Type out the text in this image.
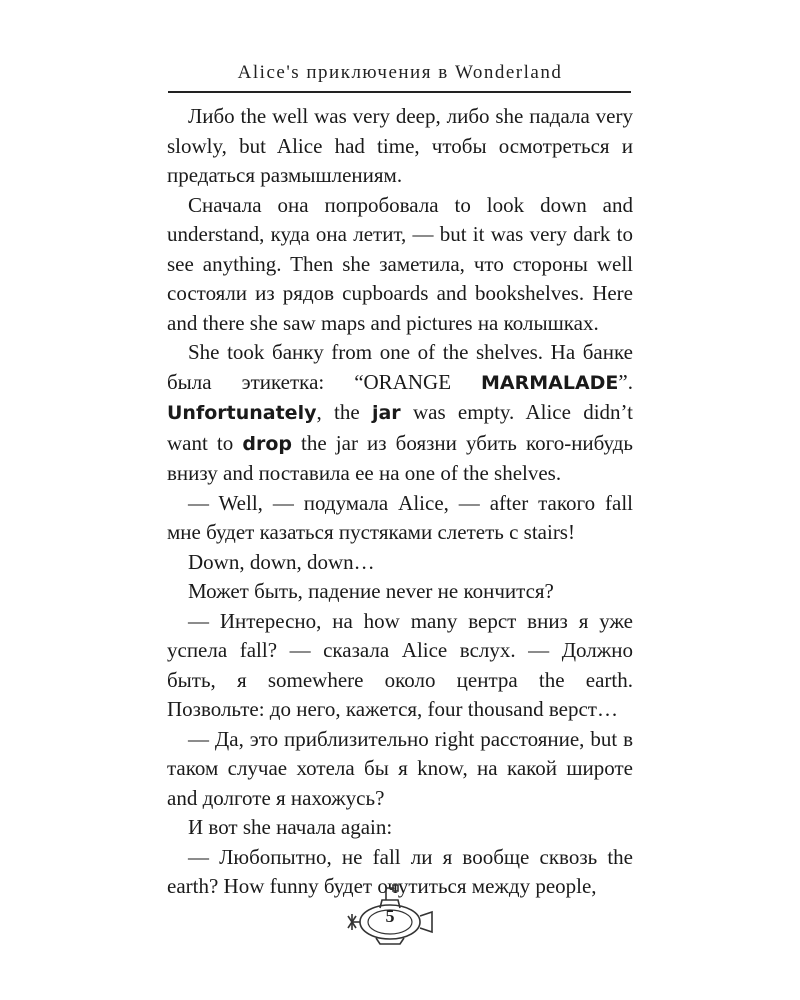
Alice's приключения в Wonderland

 Либо the well was very deep, либо she падала very slowly, but Alice had time, чтобы осмотреться и предаться размышлениям.

 Сначала она попробовала to look down and understand, куда она летит, — but it was very dark to see anything. Then she заметила, что стороны well состояли из рядов cupboards and bookshelves. Here and there she saw maps and pictures на колышках.

 She took банку from one of the shelves. На банке была этикетка: “ORANGE MARMALADE”. Unfortunately, the jar was empty. Alice didn’t want to drop the jar из боязни убить кого-нибудь внизу and поставила ее на one of the shelves.

 — Well, — подумала Alice, — after такого fall мне будет казаться пустяками слететь с stairs!

 Down, down, down…

 Может быть, падение never не кончится?

 — Интересно, на how many верст вниз я уже успела fall? — сказала Alice вслух. — Должно быть, я somewhere около центра the earth. Позвольте: до него, кажется, four thousand верст…

 — Да, это приблизительно right расстояние, but в таком случае хотела бы я know, на какой широте and долготе я нахожусь?

 И вот she начала again:

 — Любопытно, не fall ли я вообще сквозь the earth? How funny будет очутиться между people,

5
